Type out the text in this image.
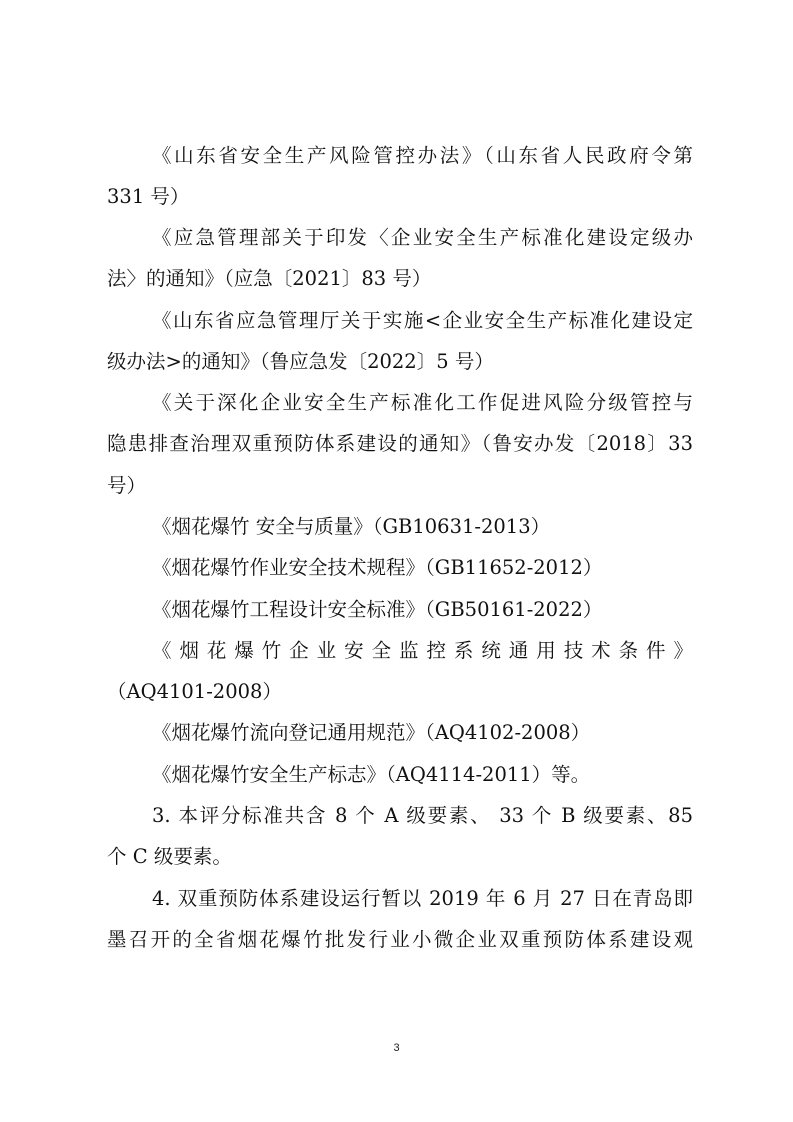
《山东省安全生产风险管控办法》（山东省人民政府令第
331 号）
《应急管理部关于印发〈企业安全生产标准化建设定级办
法〉的通知》（应急〔2021〕83 号）
《山东省应急管理厅关于实施<企业安全生产标准化建设定
级办法>的通知》（鲁应急发〔2022〕5 号）
《关于深化企业安全生产标准化工作促进风险分级管控与
隐患排查治理双重预防体系建设的通知》（鲁安办发〔2018〕33
号）
《烟花爆竹 安全与质量》（GB10631-2013）
《烟花爆竹作业安全技术规程》（GB11652-2012）
《烟花爆竹工程设计安全标准》（GB50161-2022）
《烟花爆竹企业安全监控系统通用技术条件》
（AQ4101-2008）
《烟花爆竹流向登记通用规范》（AQ4102-2008）
《烟花爆竹安全生产标志》（AQ4114-2011）等。
3. 本评分标准共含 8 个 A 级要素、 33 个 B 级要素、85
个 C 级要素。
4. 双重预防体系建设运行暂以 2019 年 6 月 27 日在青岛即
墨召开的全省烟花爆竹批发行业小微企业双重预防体系建设观
3
